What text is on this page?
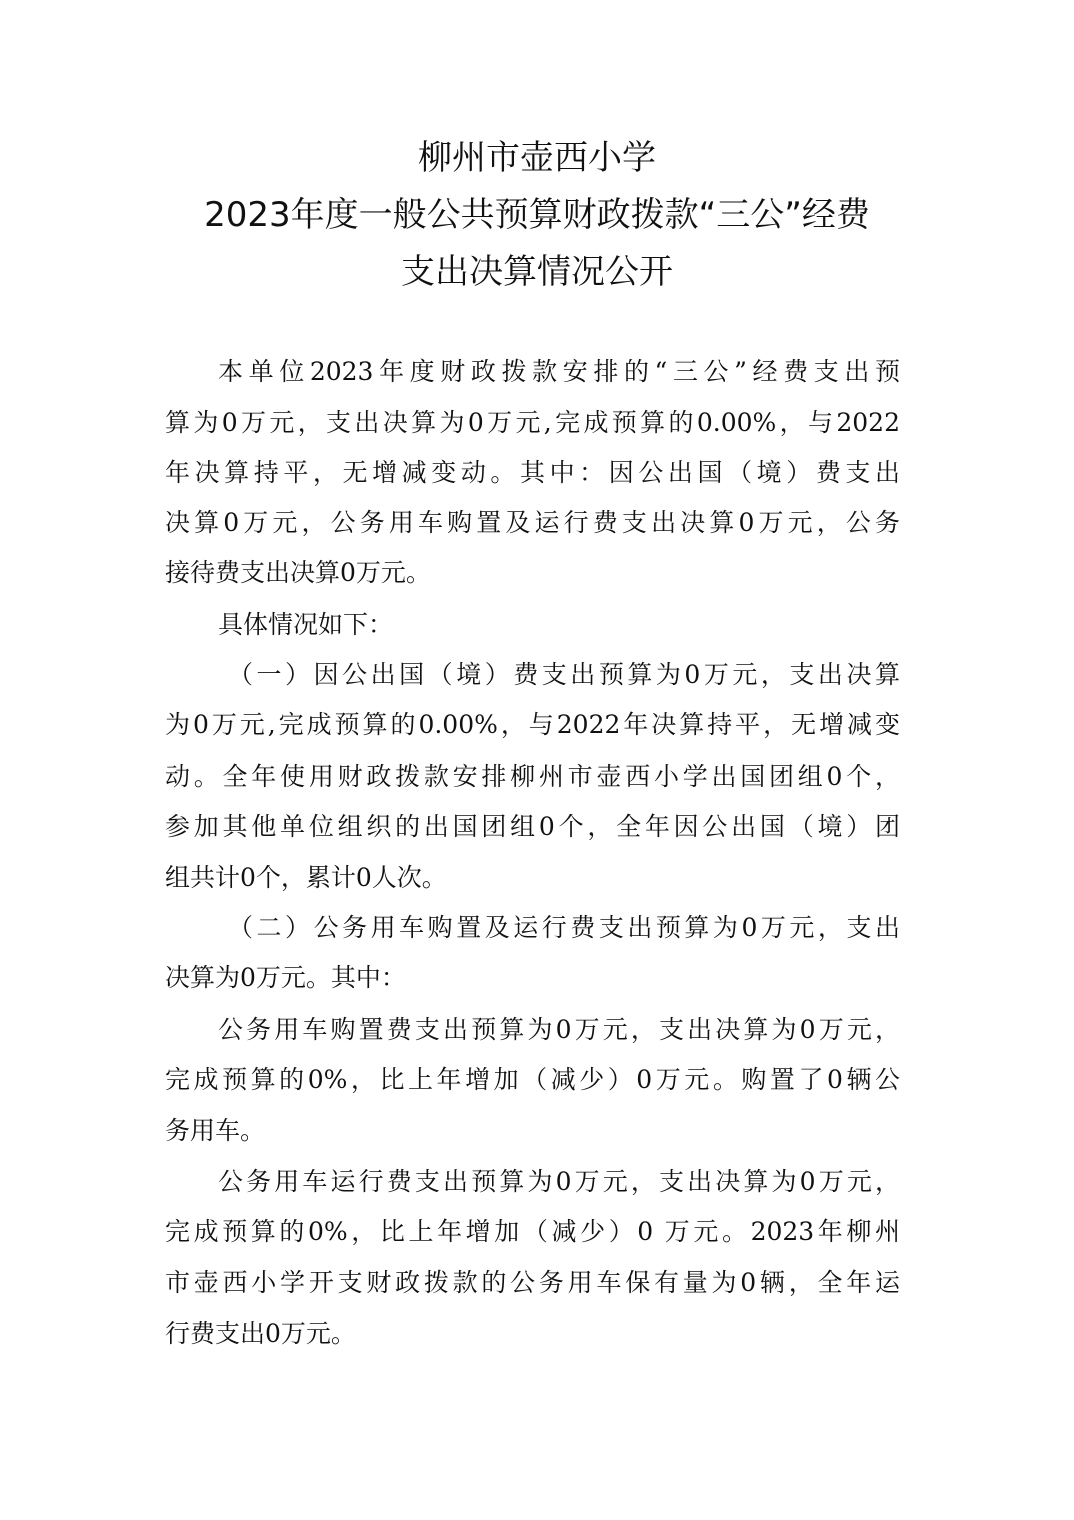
柳州市壶西小学
2023年度一般公共预算财政拨款“三公”经费
支出决算情况公开
本单位2023年度财政拨款安排的“三公”经费支出预
算为0万元，支出决算为0万元,完成预算的0.00%，与2022
年决算持平，无增减变动。其中：因公出国（境）费支出
决算0万元，公务用车购置及运行费支出决算0万元，公务
接待费支出决算0万元。
具体情况如下：
（一）因公出国（境）费支出预算为0万元，支出决算
为0万元,完成预算的0.00%，与2022年决算持平，无增减变
动。全年使用财政拨款安排柳州市壶西小学出国团组0个，
参加其他单位组织的出国团组0个，全年因公出国（境）团
组共计0个，累计0人次。
（二）公务用车购置及运行费支出预算为0万元，支出
决算为0万元。其中：
公务用车购置费支出预算为0万元，支出决算为0万元，
完成预算的0%，比上年增加（减少）0万元。购置了0辆公
务用车。
公务用车运行费支出预算为0万元，支出决算为0万元，
完成预算的0%，比上年增加（减少）0 万元。2023年柳州
市壶西小学开支财政拨款的公务用车保有量为0辆，全年运
行费支出0万元。
